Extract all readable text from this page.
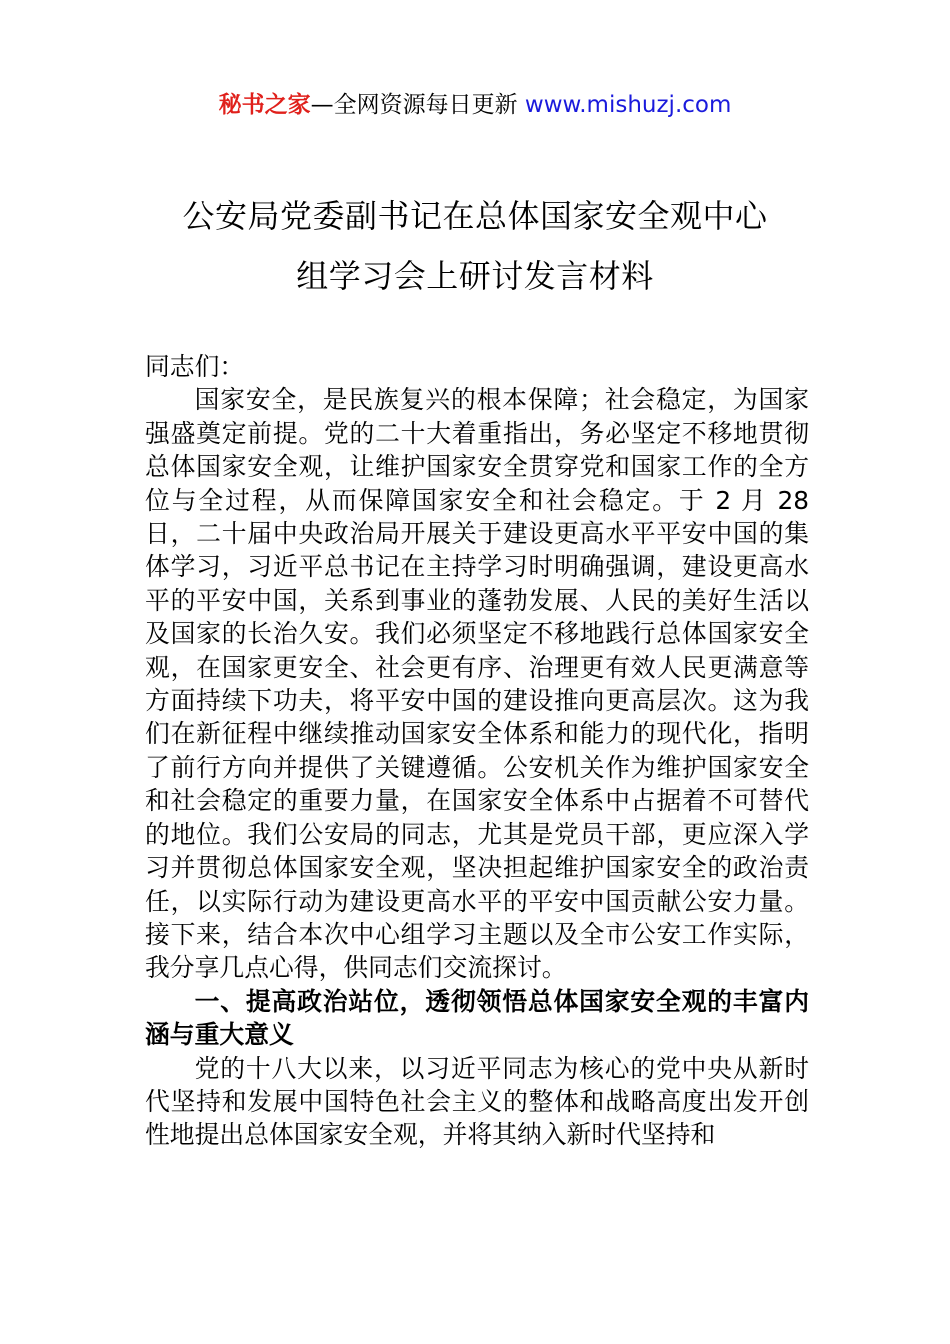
秘书之家—全网资源每日更新 www.mishuzj.com
公安局党委副书记在总体国家安全观中心
组学习会上研讨发言材料

同志们：

国家安全，是民族复兴的根本保障；社会稳定，为国家强盛奠定前提。党的二十大着重指出，务必坚定不移地贯彻总体国家安全观，让维护国家安全贯穿党和国家工作的全方位与全过程，从而保障国家安全和社会稳定。于 2 月 28 日，二十届中央政治局开展关于建设更高水平平安中国的集体学习，习近平总书记在主持学习时明确强调，建设更高水平的平安中国，关系到事业的蓬勃发展、人民的美好生活以及国家的长治久安。我们必须坚定不移地践行总体国家安全观，在国家更安全、社会更有序、治理更有效人民更满意等方面持续下功夫，将平安中国的建设推向更高层次。这为我们在新征程中继续推动国家安全体系和能力的现代化，指明了前行方向并提供了关键遵循。公安机关作为维护国家安全和社会稳定的重要力量，在国家安全体系中占据着不可替代的地位。我们公安局的同志，尤其是党员干部，更应深入学习并贯彻总体国家安全观，坚决担起维护国家安全的政治责任，以实际行动为建设更高水平的平安中国贡献公安力量。接下来，结合本次中心组学习主题以及全市公安工作实际，我分享几点心得，供同志们交流探讨。

一、提高政治站位，透彻领悟总体国家安全观的丰富内涵与重大意义

党的十八大以来，以习近平同志为核心的党中央从新时代坚持和发展中国特色社会主义的整体和战略高度出发开创性地提出总体国家安全观，并将其纳入新时代坚持和
